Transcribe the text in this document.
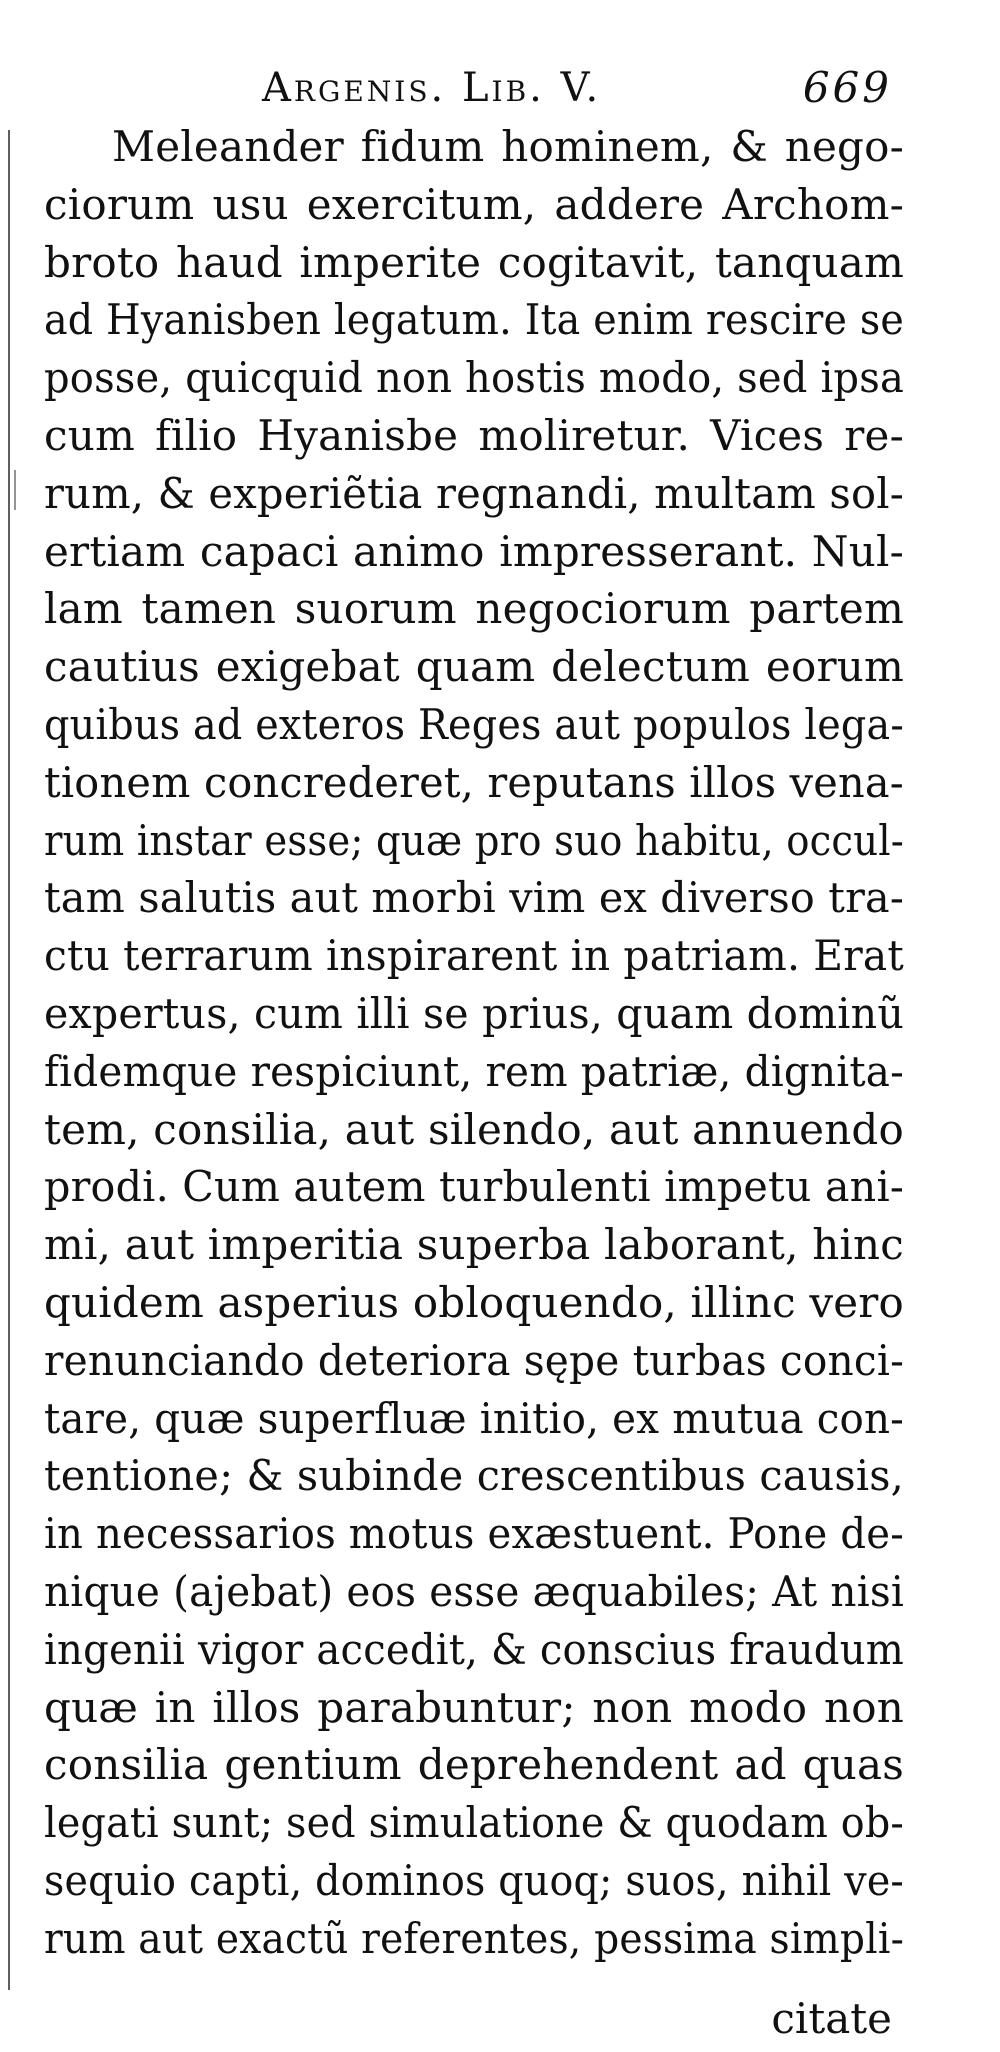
Argenis. Lib. V.	669
Meleander fidum hominem, & nego-
ciorum usu exercitum, addere Archom-
broto haud imperite cogitavit, tanquam
ad Hyanisben legatum. Ita enim rescire se
posse, quicquid non hostis modo, sed ipsa
cum filio Hyanisbe moliretur. Vices re-
rum, & experiẽtia regnandi, multam sol-
ertiam capaci animo impresserant. Nul-
lam tamen suorum negociorum partem
cautius exigebat quam delectum eorum
quibus ad exteros Reges aut populos lega-
tionem concrederet, reputans illos vena-
rum instar esse; quæ pro suo habitu, occul-
tam salutis aut morbi vim ex diverso tra-
ctu terrarum inspirarent in patriam. Erat
expertus, cum illi se prius, quam dominũ
fidemque respiciunt, rem patriæ, dignita-
tem, consilia, aut silendo, aut annuendo
prodi. Cum autem turbulenti impetu ani-
mi, aut imperitia superba laborant, hinc
quidem asperius obloquendo, illinc vero
renunciando deteriora sępe turbas conci-
tare, quæ superfluæ initio, ex mutua con-
tentione; & subinde crescentibus causis,
in necessarios motus exæstuent. Pone de-
nique (ajebat) eos esse æquabiles; At nisi
ingenii vigor accedit, & conscius fraudum
quæ in illos parabuntur; non modo non
consilia gentium deprehendent ad quas
legati sunt; sed simulatione & quodam ob-
sequio capti, dominos quoq; suos, nihil ve-
rum aut exactũ referentes, pessima simpli-
citate
